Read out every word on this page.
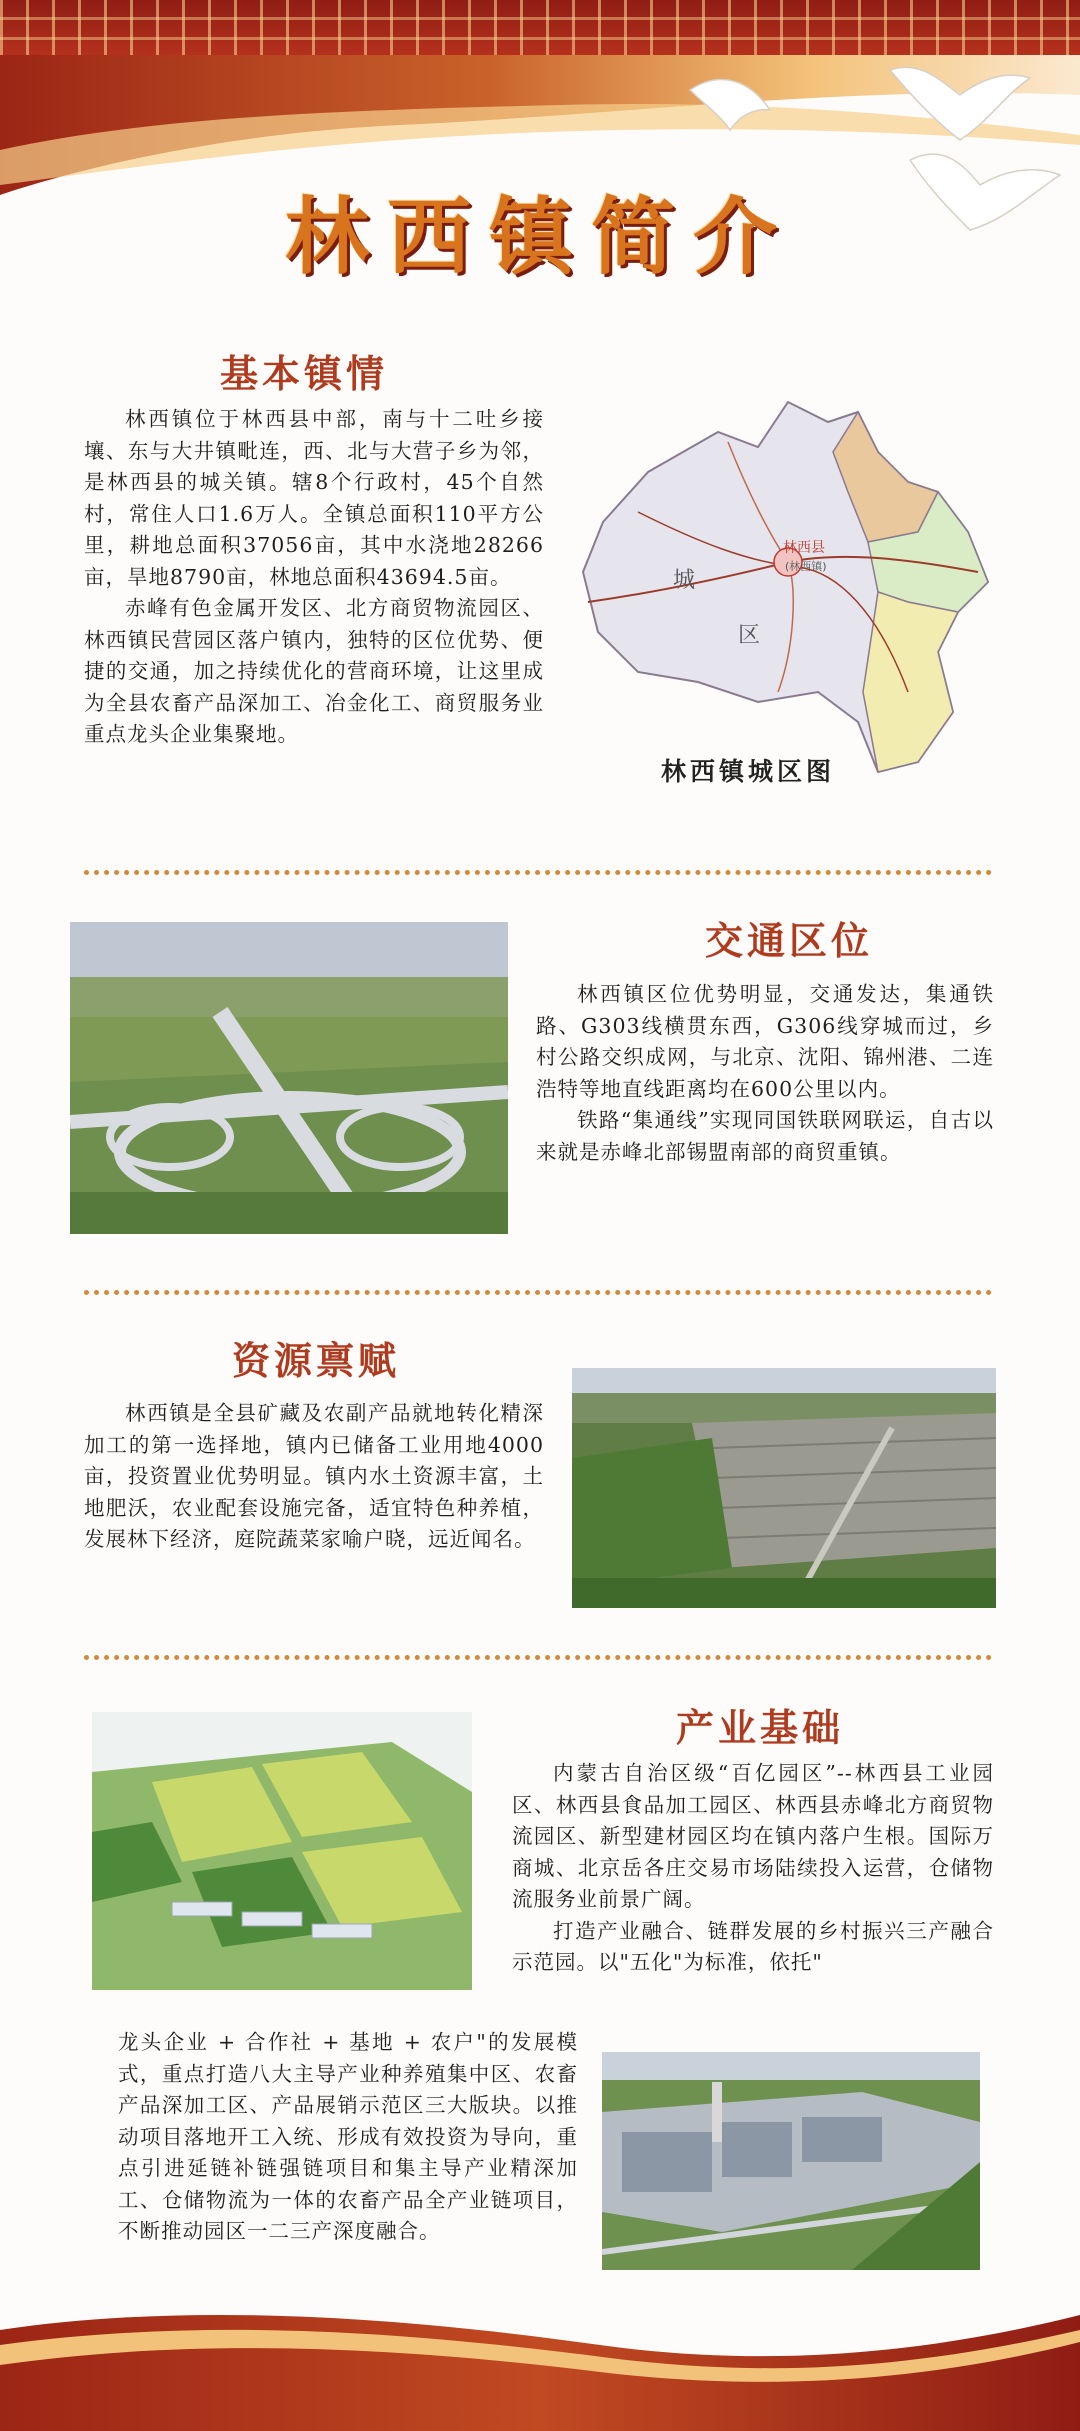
林西镇简介
基本镇情

林西镇位于林西县中部，南与十二吐乡接壤、东与大井镇毗连，西、北与大营子乡为邻，是林西县的城关镇。辖8个行政村，45个自然村，常住人口1.6万人。全镇总面积110平方公里，耕地总面积37056亩，其中水浇地28266亩，旱地8790亩，林地总面积43694.5亩。

赤峰有色金属开发区、北方商贸物流园区、林西镇民营园区落户镇内，独特的区位优势、便捷的交通，加之持续优化的营商环境，让这里成为全县农畜产品深加工、冶金化工、商贸服务业重点龙头企业集聚地。

林西县
(林西镇)
城
区
林西镇城区图
交通区位

林西镇区位优势明显，交通发达，集通铁路、G303线横贯东西，G306线穿城而过，乡村公路交织成网，与北京、沈阳、锦州港、二连浩特等地直线距离均在600公里以内。

铁路“集通线”实现同国铁联网联运，自古以来就是赤峰北部锡盟南部的商贸重镇。

资源禀赋

林西镇是全县矿藏及农副产品就地转化精深加工的第一选择地，镇内已储备工业用地4000亩，投资置业优势明显。镇内水土资源丰富，土地肥沃，农业配套设施完备，适宜特色种养植，发展林下经济，庭院蔬菜家喻户晓，远近闻名。

产业基础

内蒙古自治区级“百亿园区”--林西县工业园区、林西县食品加工园区、林西县赤峰北方商贸物流园区、新型建材园区均在镇内落户生根。国际万商城、北京岳各庄交易市场陆续投入运营，仓储物流服务业前景广阔。

打造产业融合、链群发展的乡村振兴三产融合示范园。以"五化"为标准，依托"

龙头企业 + 合作社 + 基地 + 农户"的发展模式，重点打造八大主导产业种养殖集中区、农畜产品深加工区、产品展销示范区三大版块。以推动项目落地开工入统、形成有效投资为导向，重点引进延链补链强链项目和集主导产业精深加工、仓储物流为一体的农畜产品全产业链项目，不断推动园区一二三产深度融合。
